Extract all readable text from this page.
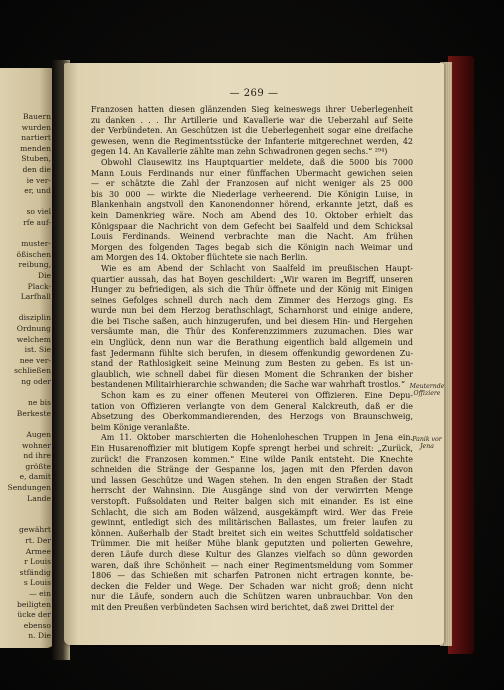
Bauern
wurden
nartiert
menden
Stuben,
den die
ie ver-
er, und
so viel
rfe auf-
muster-
ößischen
reibung,
Die
Plack-
Larfhall
disziplin
Ordnung
welchem
ist. Sie
nee ver-
schließen
ng oder
ne bis
Berkeste
Augen
wohner
nd ihre
größte
e, damit
Sendungen
Lande
gewährt
rt. Der
Armee
r Louis
stfändig
s Louis
— ein
beiligten
ücke der
ebenso
n. Die
— 269 —
Franzosen hatten diesen glänzenden Sieg keineswegs ihrer Ueberlegenheit
zu danken . . . Ihr Artillerie und Kavallerie war die Ueberzahl auf Seite
der Verbündeten. An Geschützen ist die Ueberlegenheit sogar eine dreifache
gewesen, wenn die Regimentsstücke der Infanterie mitgerechnet werden, 42
gegen 14. An Kavallerie zählte man zehn Schwadronen gegen sechs.“ ²⁹⁴)
Obwohl Clausewitz ins Hauptquartier meldete, daß die 5000 bis 7000
Mann Louis Ferdinands nur einer fünffachen Übermacht gewichen seien
— er schätzte die Zahl der Franzosen auf nicht weniger als 25 000
bis 30 000 — wirkte die Niederlage verheerend. Die Königin Luise, in
Blankenhain angstvoll den Kanonendonner hörend, erkannte jetzt, daß es
kein Damenkrieg wäre. Noch am Abend des 10. Oktober erhielt das
Königspaar die Nachricht von dem Gefecht bei Saalfeld und dem Schicksal
Louis Ferdinands. Weinend verbrachte man die Nacht. Am frühen
Morgen des folgenden Tages begab sich die Königin nach Weimar und
am Morgen des 14. Oktober flüchtete sie nach Berlin.
Wie es am Abend der Schlacht von Saalfeld im preußischen Haupt-
quartier aussah, das hat Boyen geschildert: „Wir waren im Begriff, unseren
Hunger zu befriedigen, als sich die Thür öffnete und der König mit Einigen
seines Gefolges schnell durch nach dem Zimmer des Herzogs ging. Es
wurde nun bei dem Herzog berathschlagt, Scharnhorst und einige andere,
die bei Tische saßen, auch hinzugerufen, und bei diesem Hin- und Hergehen
versäumte man, die Thür des Konferenzzimmers zuzumachen. Dies war
ein Unglück, denn nun war die Berathung eigentlich bald allgemein und
fast Jedermann fühlte sich berufen, in diesem offenkundig gewordenen Zu-
stand der Rathlosigkeit seine Meinung zum Besten zu geben. Es ist un-
glaublich, wie schnell dabei für diesen Moment die Schranken der bisher
bestandenen Militairhierarchie schwanden; die Sache war wahrhaft trostlos.“
Schon kam es zu einer offenen Meuterei von Offizieren. Eine Depu-
tation von Offizieren verlangte von dem General Kalckreuth, daß er die
Absetzung des Oberkommandierenden, des Herzogs von Braunschweig,
beim Könige veranlaßte.
Am 11. Oktober marschierten die Hohenloheschen Truppen in Jena ein.
Ein Husarenoffizier mit blutigem Kopfe sprengt herbei und schreit: „Zurück,
zurück! die Franzosen kommen.“ Eine wilde Panik entsteht. Die Knechte
schneiden die Stränge der Gespanne los, jagen mit den Pferden davon
und lassen Geschütze und Wagen stehen. In den engen Straßen der Stadt
herrscht der Wahnsinn. Die Ausgänge sind von der verwirrten Menge
verstopft. Fußsoldaten und Reiter balgen sich mit einander. Es ist eine
Schlacht, die sich am Boden wälzend, ausgekämpft wird. Wer das Freie
gewinnt, entledigt sich des militärischen Ballastes, um freier laufen zu
können. Außerhalb der Stadt breitet sich ein weites Schuttfeld soldatischer
Trümmer. Die mit heißer Mühe blank geputzten und polierten Gewehre,
deren Läufe durch diese Kultur des Glanzes vielfach so dünn geworden
waren, daß ihre Schönheit — nach einer Regimentsmeldung vom Sommer
1806 — das Schießen mit scharfen Patronen nicht ertragen konnte, be-
decken die Felder und Wege. Der Schaden war nicht groß; denn nicht
nur die Läufe, sondern auch die Schützen waren unbrauchbar. Von den
mit den Preußen verbündeten Sachsen wird berichtet, daß zwei Drittel der
Meuternde Offiziere
Panik vor Jena
